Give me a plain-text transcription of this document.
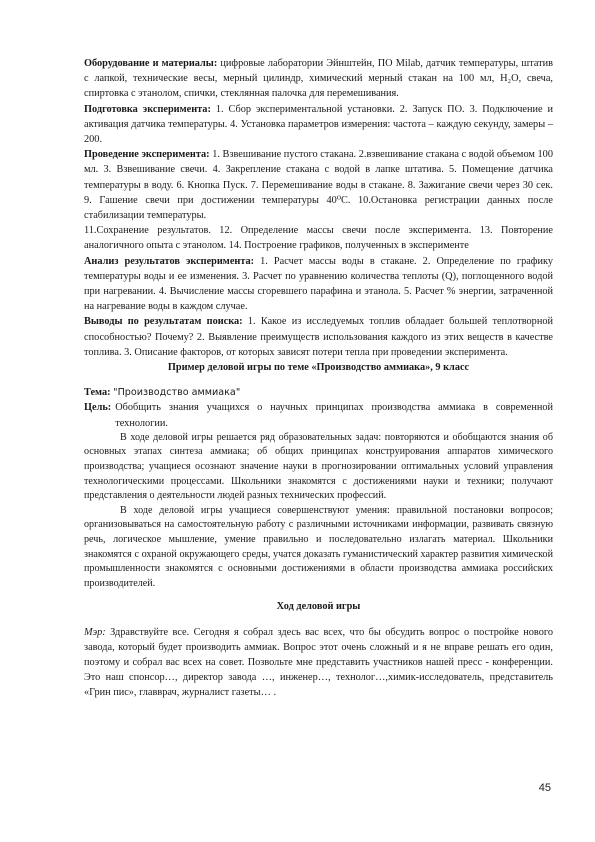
Оборудование и материалы: цифровые лаборатории Эйнштейн, ПО Milab, датчик температуры, штатив с лапкой, технические весы, мерный цилиндр, химический мерный стакан на 100 мл, H₂O, свеча, спиртовка с этанолом, спички, стеклянная палочка для перемешивания.

Подготовка эксперимента: 1. Сбор экспериментальной установки. 2. Запуск ПО. 3. Подключение и активация датчика температуры. 4. Установка параметров измерения: частота – каждую секунду, замеры – 200.

Проведение эксперимента: 1. Взвешивание пустого стакана. 2.взвешивание стакана с водой объемом 100 мл. 3. Взвешивание свечи. 4. Закрепление стакана с водой в лапке штатива. 5. Помещение датчика температуры в воду. 6. Кнопка Пуск. 7. Перемешивание воды в стакане. 8. Зажигание свечи через 30 сек. 9. Гашение свечи при достижении температуры 40⁰С. 10.Остановка регистрации данных после стабилизации температуры.

11.Сохранение результатов. 12. Определение массы свечи после эксперимента. 13. Повторение аналогичного опыта с этанолом. 14. Построение графиков, полученных в эксперименте

Анализ результатов эксперимента: 1. Расчет массы воды в стакане. 2. Определение по графику температуры воды и ее изменения. 3. Расчет по уравнению количества теплоты (Q), поглощенного водой при нагревании. 4. Вычисление массы сгоревшего парафина и этанола. 5. Расчет % энергии, затраченной на нагревание воды в каждом случае.

Выводы по результатам поиска: 1. Какое из исследуемых топлив обладает большей теплотворной способностью? Почему? 2. Выявление преимуществ использования каждого из этих веществ в качестве топлива. 3. Описание факторов, от которых зависят потери тепла при проведении эксперимента.

Пример деловой игры по теме «Производство аммиака», 9 класс

Тема: "Производство аммиака"

Цель: Обобщить знания учащихся о научных принципах производства аммиака в современной технологии.

В ходе деловой игры решается ряд образовательных задач: повторяются и обобщаются знания об основных этапах синтеза аммиака; об общих принципах конструирования аппаратов химического производства; учащиеся осознают значение науки в прогнозировании оптимальных условий управления технологическими процессами. Школьники знакомятся с достижениями науки и техники; получают представления о деятельности людей разных технических профессий.

В ходе деловой игры учащиеся совершенствуют умения: правильной постановки вопросов; организовываться на самостоятельную работу с различными источниками информации, развивать связную речь, логическое мышление, умение правильно и последовательно излагать материал. Школьники знакомятся с охраной окружающего среды, учатся доказать гуманистический характер развития химической промышленности знакомятся с основными достижениями в области производства аммиака российских производителей.

Ход деловой игры

Мэр: Здравствуйте все. Сегодня я собрал здесь вас всех, что бы обсудить вопрос о постройке нового завода, который будет производить аммиак. Вопрос этот очень сложный и я не вправе решать его один, поэтому и собрал вас всех на совет. Позвольте мне представить участников нашей пресс - конференции. Это наш спонсор…, директор завода …, инженер…, технолог…,химик-исследователь, представитель «Грин пис», главврач, журналист газеты… .

45
